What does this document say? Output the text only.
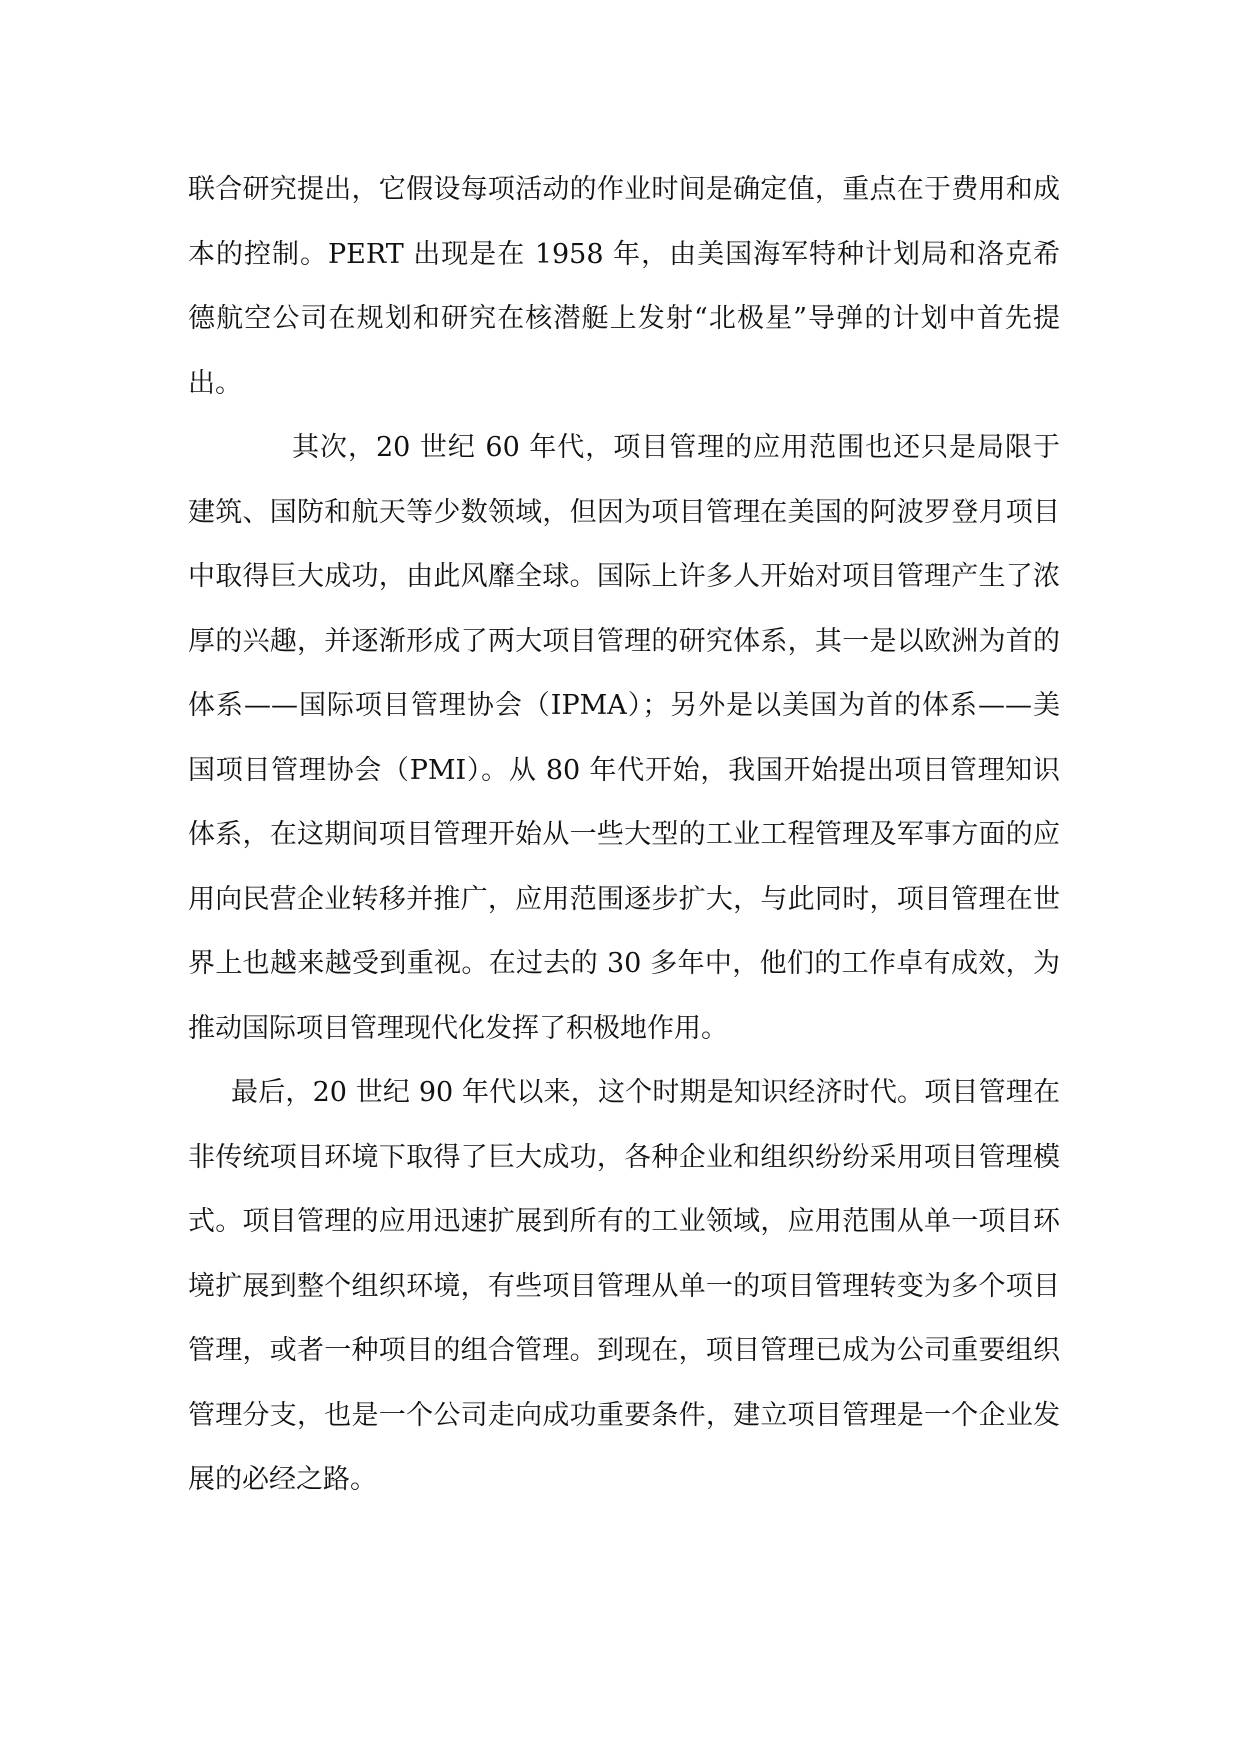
联合研究提出，它假设每项活动的作业时间是确定值，重点在于费用和成本的控制。PERT 出现是在 1958 年，由美国海军特种计划局和洛克希德航空公司在规划和研究在核潜艇上发射“北极星”导弹的计划中首先提出。

其次，20 世纪 60 年代，项目管理的应用范围也还只是局限于建筑、国防和航天等少数领域，但因为项目管理在美国的阿波罗登月项目中取得巨大成功，由此风靡全球。国际上许多人开始对项目管理产生了浓厚的兴趣，并逐渐形成了两大项目管理的研究体系，其一是以欧洲为首的体系——国际项目管理协会（IPMA）；另外是以美国为首的体系——美国项目管理协会（PMI）。从 80 年代开始，我国开始提出项目管理知识体系，在这期间项目管理开始从一些大型的工业工程管理及军事方面的应用向民营企业转移并推广，应用范围逐步扩大，与此同时，项目管理在世界上也越来越受到重视。在过去的 30 多年中，他们的工作卓有成效，为推动国际项目管理现代化发挥了积极地作用。

最后，20 世纪 90 年代以来，这个时期是知识经济时代。项目管理在非传统项目环境下取得了巨大成功，各种企业和组织纷纷采用项目管理模式。项目管理的应用迅速扩展到所有的工业领域，应用范围从单一项目环境扩展到整个组织环境，有些项目管理从单一的项目管理转变为多个项目管理，或者一种项目的组合管理。到现在，项目管理已成为公司重要组织管理分支，也是一个公司走向成功重要条件，建立项目管理是一个企业发展的必经之路。
